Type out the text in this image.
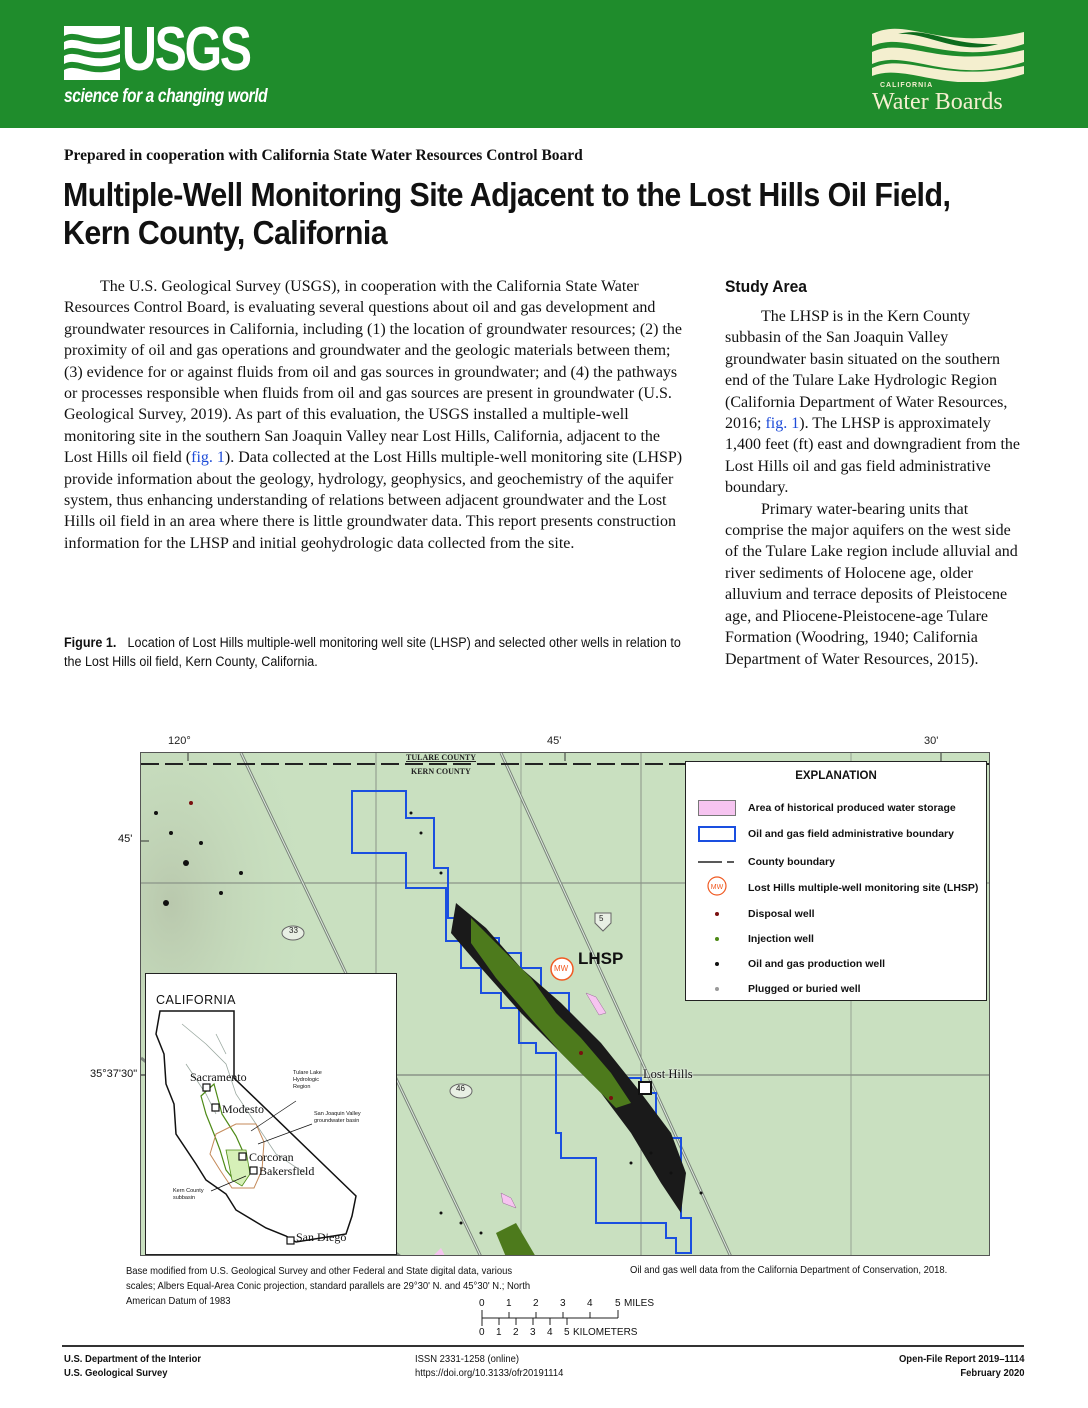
USGS
science for a changing world
CALIFORNIA
Water Boards
Prepared in cooperation with California State Water Resources Control Board
Multiple-Well Monitoring Site Adjacent to the Lost Hills Oil Field, Kern County, California

The U.S. Geological Survey (USGS), in cooperation with the California State Water Resources Control Board, is evaluating several questions about oil and gas development and groundwater resources in California, including (1) the location of groundwater resources; (2) the proximity of oil and gas operations and groundwater and the geologic materials between them; (3) evidence for or against fluids from oil and gas sources in groundwater; and (4) the pathways or processes responsible when fluids from oil and gas sources are present in groundwater (U.S. Geological Survey, 2019). As part of this evaluation, the USGS installed a multiple-well monitoring site in the southern San Joaquin Valley near Lost Hills, California, adjacent to the Lost Hills oil field (fig. 1). Data collected at the Lost Hills multiple-well monitoring site (LHSP) provide information about the geology, hydrology, geophysics, and geochemistry of the aquifer system, thus enhancing understanding of relations between adjacent groundwater and the Lost Hills oil field in an area where there is little groundwater data. This report presents construction information for the LHSP and initial geohydrologic data collected from the site.

Study Area

The LHSP is in the Kern County subbasin of the San Joaquin Valley groundwater basin situated on the southern end of the Tulare Lake Hydrologic Region (California Department of Water Resources, 2016; fig. 1). The LHSP is approximately 1,400 feet (ft) east and downgradient from the Lost Hills oil and gas field administrative boundary.

Primary water-bearing units that comprise the major aquifers on the west side of the Tulare Lake region include alluvial and river sediments of Holocene age, older alluvium and terrace deposits of Pleistocene age, and Pliocene-Pleistocene-age Tulare Formation (Woodring, 1940; California Department of Water Resources, 2015).

Figure 1. Location of Lost Hills multiple-well monitoring well site (LHSP) and selected other wells in relation to the Lost Hills oil field, Kern County, California.
120°	45'	30'
45'
35°37'30"
33
5
46
TULARE COUNTY
KERN COUNTY
MW
LHSP
Lost Hills
EXPLANATION
Area of historical produced water storage
Oil and gas field administrative boundary
County boundary
MW Lost Hills multiple-well monitoring site (LHSP)
Disposal well
Injection well
Oil and gas production well
Plugged or buried well
CALIFORNIA
Sacramento
Modesto
Corcoran
Bakersfield
San Diego
Tulare Lake Hydrologic Region
San Joaquin Valley groundwater basin
Kern County subbasin
Base modified from U.S. Geological Survey and other Federal and State digital data, various scales; Albers Equal-Area Conic projection, standard parallels are 29°30' N. and 45°30' N.; North American Datum of 1983
Oil and gas well data from the California Department of Conservation, 2018.
0 1 2 3 4 5 MILES
0 1 2 3 4 5 KILOMETERS
U.S. Department of the Interior
U.S. Geological Survey
ISSN 2331-1258 (online)
https://doi.org/10.3133/ofr20191114
Open-File Report 2019–1114
February 2020
